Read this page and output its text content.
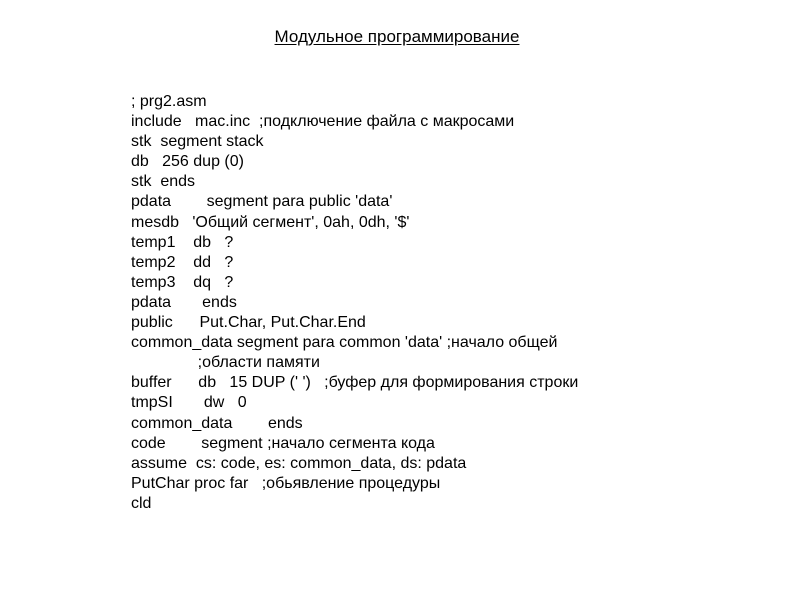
Модульное программирование
; prg2.asm
include   mac.inc  ;подключение файла с макросами
stk  segment stack
db   256 dup (0)
stk  ends
pdata        segment para public 'data'
mesdb   'Общий сегмент', 0ah, 0dh, '$'
temp1    db   ?
temp2    dd   ?
temp3    dq   ?
pdata       ends
public      Put.Char, Put.Char.End
common_data segment para common 'data' ;начало общей
;области памяти
buffer      db   15 DUP (' ')   ;буфер для формирования строки
tmpSI       dw   0
common_data        ends
code        segment ;начало сегмента кода
assume  cs: code, es: common_data, ds: pdata
PutChar proc far   ;обьявление процедуры
cld
